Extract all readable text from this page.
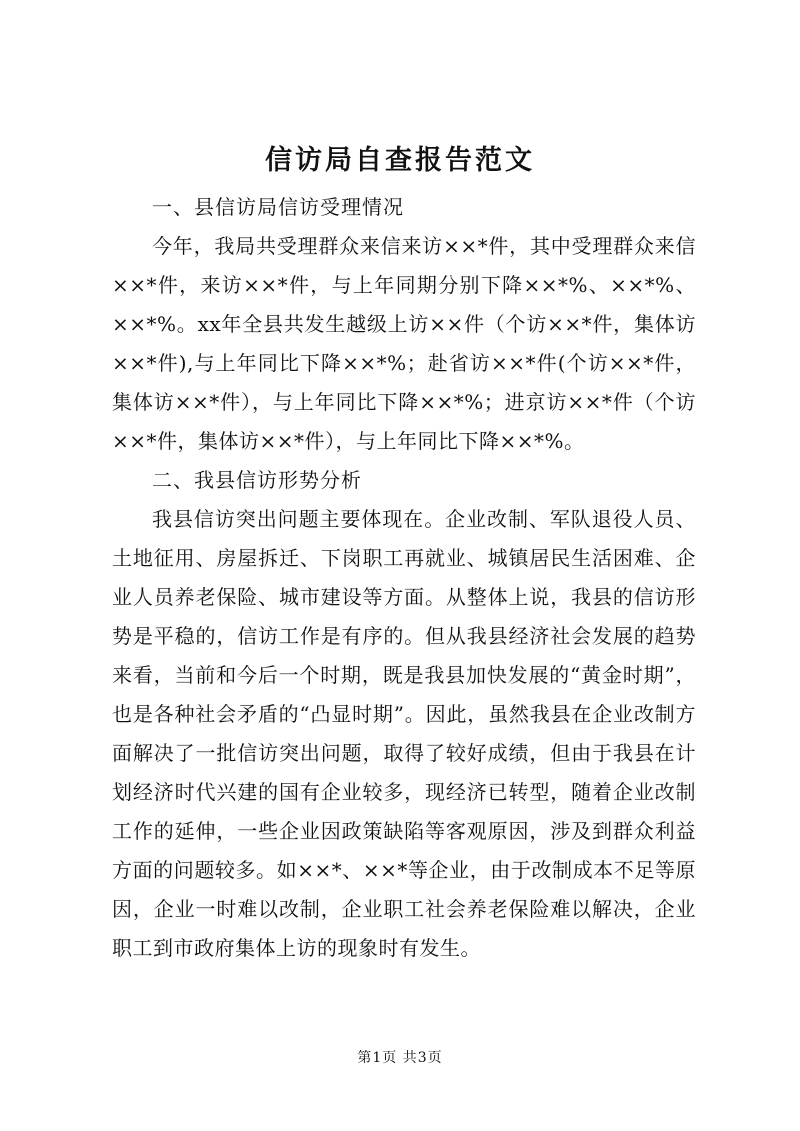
信访局自查报告范文
一、县信访局信访受理情况

今年，我局共受理群众来信来访××*件，其中受理群众来信××*件，来访××*件，与上年同期分别下降××*%、××*%、××*%。xx年全县共发生越级上访××件（个访××*件，集体访××*件),与上年同比下降××*%；赴省访××*件(个访××*件，集体访××*件），与上年同比下降××*%；进京访××*件（个访××*件，集体访××*件），与上年同比下降××*%。

二、我县信访形势分析

我县信访突出问题主要体现在。企业改制、军队退役人员、土地征用、房屋拆迁、下岗职工再就业、城镇居民生活困难、企业人员养老保险、城市建设等方面。从整体上说，我县的信访形势是平稳的，信访工作是有序的。但从我县经济社会发展的趋势来看，当前和今后一个时期，既是我县加快发展的“黄金时期”，也是各种社会矛盾的“凸显时期”。因此，虽然我县在企业改制方面解决了一批信访突出问题，取得了较好成绩，但由于我县在计划经济时代兴建的国有企业较多，现经济已转型，随着企业改制工作的延伸，一些企业因政策缺陷等客观原因，涉及到群众利益方面的问题较多。如××*、××*等企业，由于改制成本不足等原因，企业一时难以改制，企业职工社会养老保险难以解决，企业职工到市政府集体上访的现象时有发生。

第1页 共3页
